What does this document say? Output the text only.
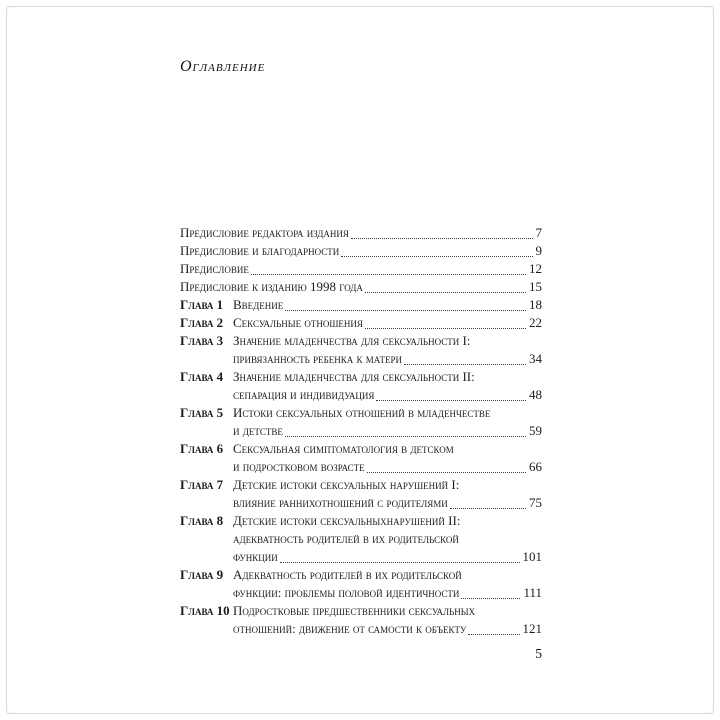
Оглавление
Предисловие редактора издания	7
Предисловие и благодарности	9
Предисловие	12
Предисловие к изданию 1998 года	15
Глава 1 Введение	18
Глава 2 Сексуальные отношения	22
Глава 3 Значение младенчества для сексуальности I:
привязанность ребенка к матери	34
Глава 4 Значение младенчества для сексуальности II:
сепарация и индивидуация	48
Глава 5 Истоки сексуальных отношений в младенчестве
и детстве	59
Глава 6 Сексуальная симптоматология в детском
и подростковом возрасте	66
Глава 7 Детские истоки сексуальных нарушений I:
влияние раннихотношений с родителями	75
Глава 8 Детские истоки сексуальныхнарушений II:
адекватность родителей в их родительской
функции	101
Глава 9 Адекватность родителей в их родительской
функции: проблемы половой идентичности	111
Глава 10 Подростковые предшественники сексуальных
отношений: движение от самости к объекту	121
5
